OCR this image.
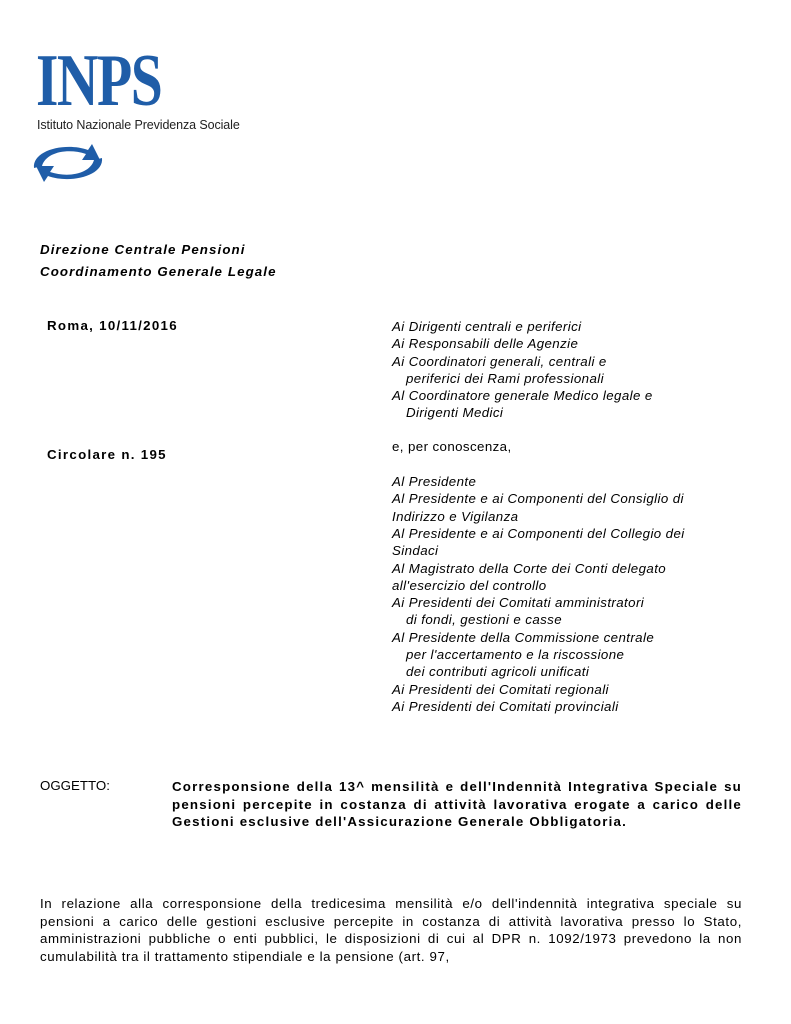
INPS
Istituto Nazionale Previdenza Sociale
Direzione Centrale Pensioni
Coordinamento Generale Legale
Roma, 10/11/2016
Circolare n. 195
Ai Dirigenti centrali e periferici
Ai Responsabili delle Agenzie
Ai Coordinatori generali, centrali e
periferici dei Rami professionali
Al Coordinatore generale Medico legale e
Dirigenti Medici
e, per conoscenza,
Al Presidente
Al Presidente e ai Componenti del Consiglio di
Indirizzo e Vigilanza
Al Presidente e ai Componenti del Collegio dei
Sindaci
Al Magistrato della Corte dei Conti delegato
all'esercizio del controllo
Ai Presidenti dei Comitati amministratori
di fondi, gestioni e casse
Al Presidente della Commissione centrale
per l'accertamento e la riscossione
dei contributi agricoli unificati
Ai Presidenti dei Comitati regionali
Ai Presidenti dei Comitati provinciali
OGGETTO:	Corresponsione della 13^ mensilità e dell'Indennità Integrativa Speciale su pensioni percepite in costanza di attività lavorativa erogate a carico delle Gestioni esclusive dell'Assicurazione Generale Obbligatoria.
In relazione alla corresponsione della tredicesima mensilità e/o dell'indennità integrativa speciale su pensioni a carico delle gestioni esclusive percepite in costanza di attività lavorativa presso lo Stato, amministrazioni pubbliche o enti pubblici, le disposizioni di cui al DPR n. 1092/1973 prevedono la non cumulabilità tra il trattamento stipendiale e la pensione (art. 97,
